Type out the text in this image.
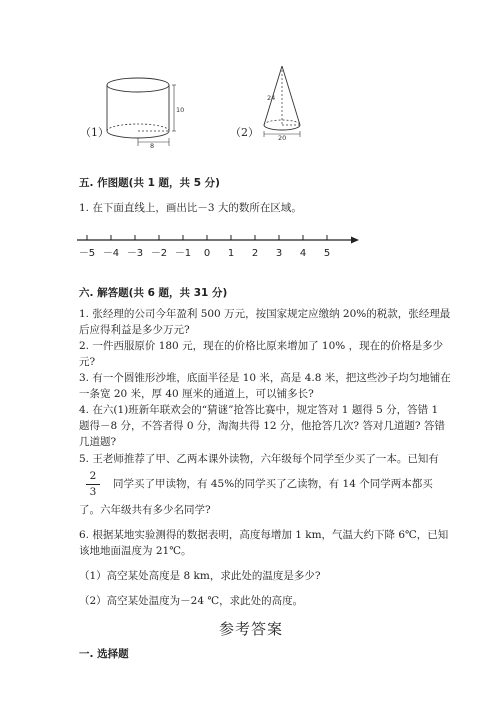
10
8
（1）
24
20
（2）
五. 作图题(共 1 题，共 5 分)
1. 在下面直线上，画出比－3 大的数所在区域。
－5 －4 －3 －2 －1 0 1 2 3 4 5
六. 解答题(共 6 题，共 31 分)
1. 张经理的公司今年盈利 500 万元，按国家规定应缴纳 20%的税款，张经理最
后应得利益是多少万元?
2. 一件西服原价 180 元，现在的价格比原来增加了 10% ，现在的价格是多少
元?
3. 有一个圆锥形沙堆，底面半径是 10 米，高是 4.8 米，把这些沙子均匀地铺在
一条宽 20 米，厚 40 厘米的通道上，可以铺多长?
4. 在六(1)班新年联欢会的“猜谜”抢答比赛中，规定答对 1 题得 5 分，答错 1
题得－8 分，不答者得 0 分，淘淘共得 12 分，他抢答几次? 答对几道题? 答错
几道题?
5. 王老师推荐了甲、乙两本课外读物，六年级每个同学至少买了一本。已知有
2
3
同学买了甲读物，有 45%的同学买了乙读物，有 14 个同学两本都买
了。六年级共有多少名同学?
6. 根据某地实验测得的数据表明，高度每增加 1 km，气温大约下降 6℃，已知
该地地面温度为 21℃。
（1）高空某处高度是 8 km，求此处的温度是多少?
（2）高空某处温度为－24 ℃，求此处的高度。
参考答案
一. 选择题
